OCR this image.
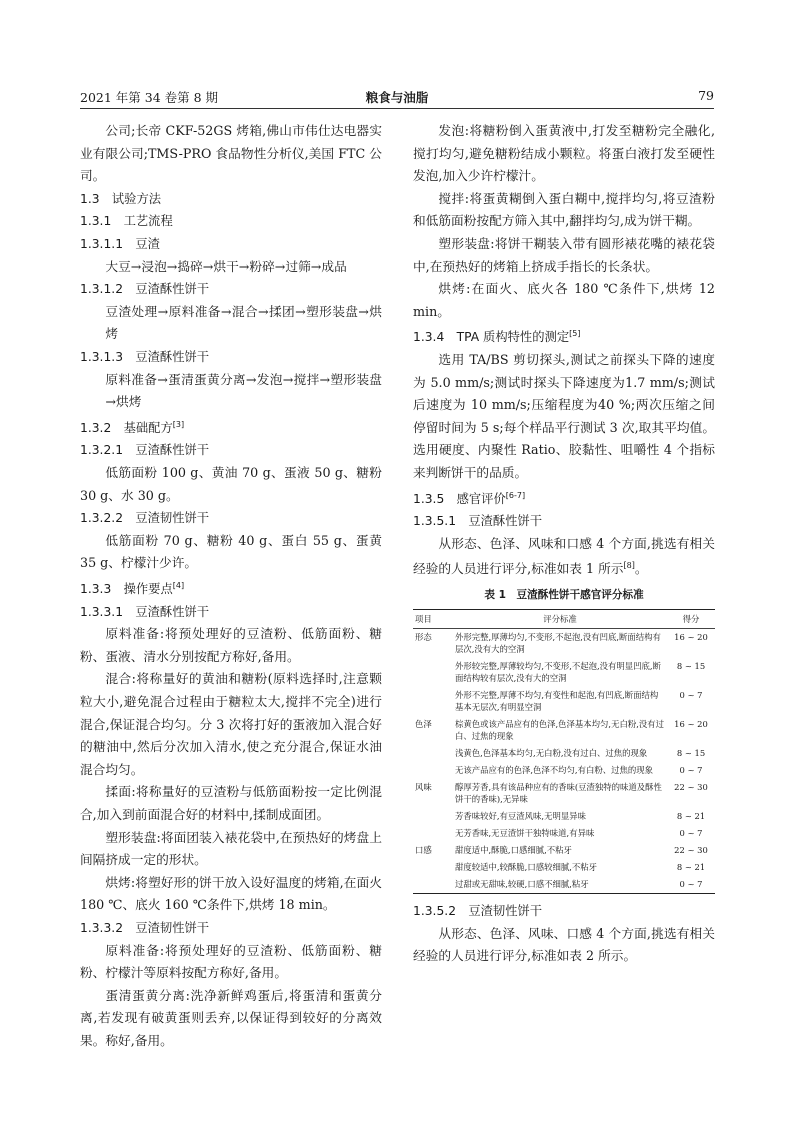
2021 年第 34 卷第 8 期	粮食与油脂	79

公司;长帝 CKF-52GS 烤箱,佛山市伟仕达电器实业有限公司;TMS-PRO 食品物性分析仪,美国 FTC 公司。

1.3　试验方法

1.3.1　工艺流程

1.3.1.1　豆渣

大豆→浸泡→捣碎→烘干→粉碎→过筛→成品

1.3.1.2　豆渣酥性饼干

豆渣处理→原料准备→混合→揉团→塑形装盘→烘烤

1.3.1.3　豆渣酥性饼干

原料准备→蛋清蛋黄分离→发泡→搅拌→塑形装盘→烘烤

1.3.2　基础配方[3]

1.3.2.1　豆渣酥性饼干

低筋面粉 100 g、黄油 70 g、蛋液 50 g、糖粉 30 g、水 30 g。

1.3.2.2　豆渣韧性饼干

低筋面粉 70 g、糖粉 40 g、蛋白 55 g、蛋黄 35 g、柠檬汁少许。

1.3.3　操作要点[4]

1.3.3.1　豆渣酥性饼干

原料准备:将预处理好的豆渣粉、低筋面粉、糖粉、蛋液、清水分别按配方称好,备用。

混合:将称量好的黄油和糖粉(原料选择时,注意颗粒大小,避免混合过程由于糖粒太大,搅拌不完全)进行混合,保证混合均匀。分 3 次将打好的蛋液加入混合好的糖油中,然后分次加入清水,使之充分混合,保证水油混合均匀。

揉面:将称量好的豆渣粉与低筋面粉按一定比例混合,加入到前面混合好的材料中,揉制成面团。

塑形装盘:将面团装入裱花袋中,在预热好的烤盘上间隔挤成一定的形状。

烘烤:将塑好形的饼干放入设好温度的烤箱,在面火 180 ℃、底火 160 ℃条件下,烘烤 18 min。

1.3.3.2　豆渣韧性饼干

原料准备:将预处理好的豆渣粉、低筋面粉、糖粉、柠檬汁等原料按配方称好,备用。

蛋清蛋黄分离:洗净新鲜鸡蛋后,将蛋清和蛋黄分离,若发现有破黄蛋则丢弃,以保证得到较好的分离效果。称好,备用。

发泡:将糖粉倒入蛋黄液中,打发至糖粉完全融化,搅打均匀,避免糖粉结成小颗粒。将蛋白液打发至硬性发泡,加入少许柠檬汁。

搅拌:将蛋黄糊倒入蛋白糊中,搅拌均匀,将豆渣粉和低筋面粉按配方筛入其中,翻拌均匀,成为饼干糊。

塑形装盘:将饼干糊装入带有圆形裱花嘴的裱花袋中,在预热好的烤箱上挤成手指长的长条状。

烘烤:在面火、底火各 180 ℃条件下,烘烤 12 min。

1.3.4　TPA 质构特性的测定[5]

选用 TA/BS 剪切探头,测试之前探头下降的速度为 5.0 mm/s;测试时探头下降速度为1.7 mm/s;测试后速度为 10 mm/s;压缩程度为40 %;两次压缩之间停留时间为 5 s;每个样品平行测试 3 次,取其平均值。选用硬度、内聚性 Ratio、胶黏性、咀嚼性 4 个指标来判断饼干的品质。

1.3.5　感官评价[6-7]

1.3.5.1　豆渣酥性饼干

从形态、色泽、风味和口感 4 个方面,挑选有相关经验的人员进行评分,标准如表 1 所示[8]。

表 1　豆渣酥性饼干感官评分标准
项目	评分标准	得分
形态	外形完整,厚薄均匀,不变形,不起泡,没有凹底,断面结构有层次,没有大的空洞	16 ~ 20
	外形较完整,厚薄较均匀,不变形,不起泡,没有明显凹底,断面结构较有层次,没有大的空洞	8 ~ 15
	外形不完整,厚薄不均匀,有变性和起泡,有凹底,断面结构基本无层次,有明显空洞	0 ~ 7
色泽	棕黄色或该产品应有的色泽,色泽基本均匀,无白粉,没有过白、过焦的现象	16 ~ 20
	浅黄色,色泽基本均匀,无白粉,没有过白、过焦的现象	8 ~ 15
	无该产品应有的色泽,色泽不均匀,有白粉、过焦的现象	0 ~ 7
风味	醇厚芳香,具有该品种应有的香味(豆渣独特的味道及酥性饼干的香味),无异味	22 ~ 30
	芳香味较好,有豆渣风味,无明显异味	8 ~ 21
	无芳香味,无豆渣饼干独特味道,有异味	0 ~ 7
口感	甜度适中,酥脆,口感细腻,不粘牙	22 ~ 30
	甜度较适中,较酥脆,口感较细腻,不粘牙	8 ~ 21
	过甜或无甜味,较硬,口感不细腻,粘牙	0 ~ 7

1.3.5.2　豆渣韧性饼干

从形态、色泽、风味、口感 4 个方面,挑选有相关经验的人员进行评分,标准如表 2 所示。
